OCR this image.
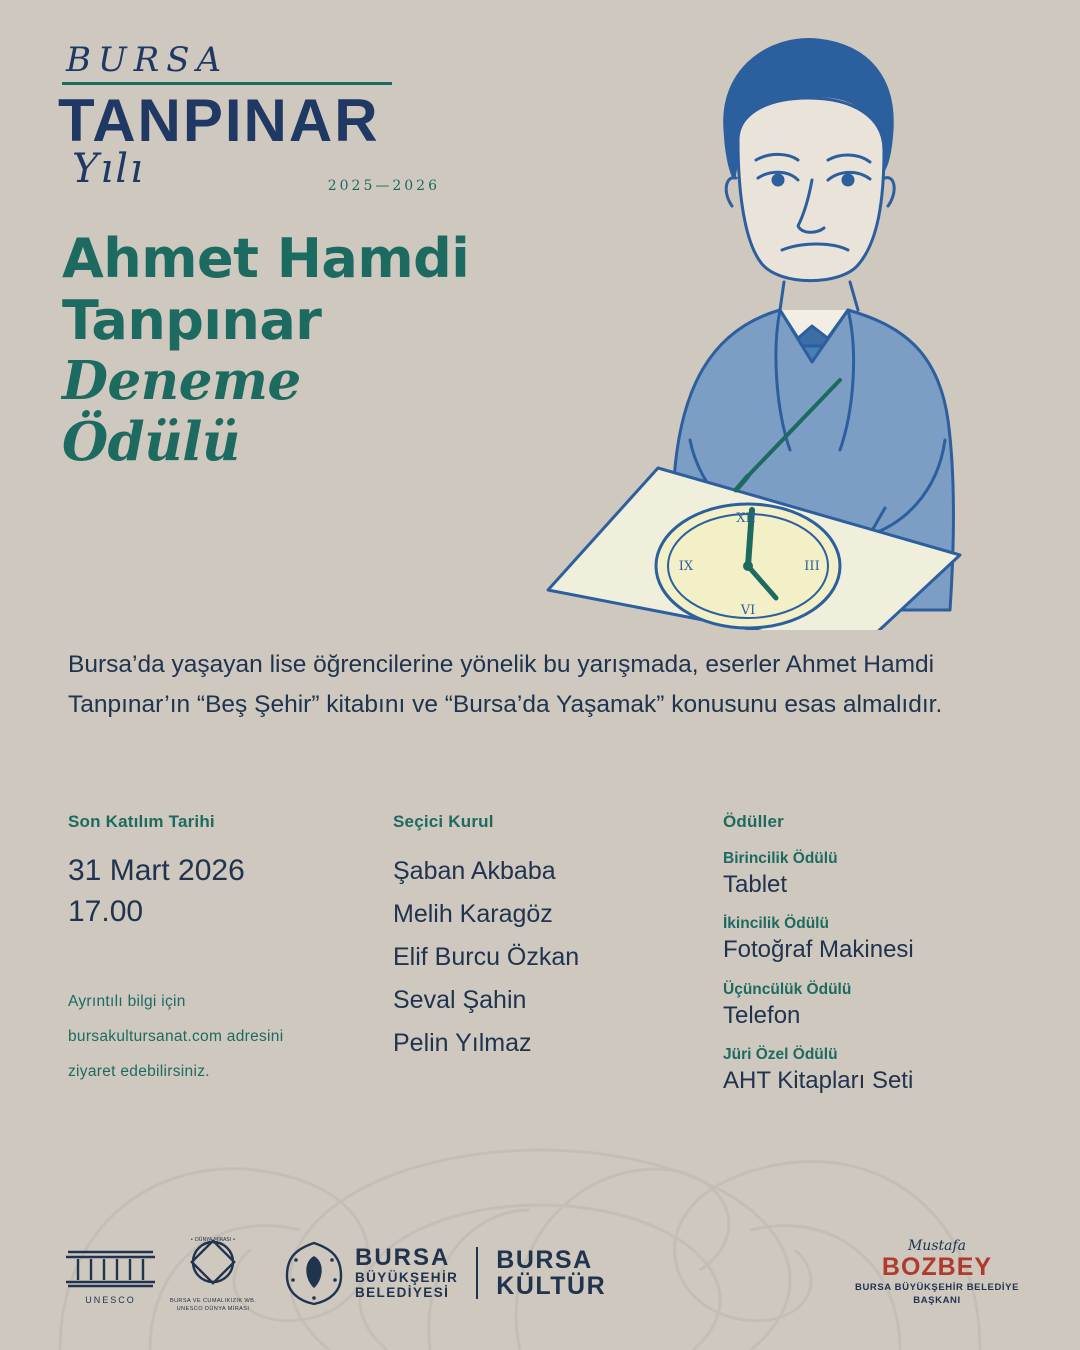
BURSA
TANPINAR
Yılı	2025—2026
XII
III
VI
IX
Ahmet Hamdi
Tanpınar
Deneme
Ödülü
Bursa’da yaşayan lise öğrencilerine yönelik bu yarışmada, eserler Ahmet Hamdi Tanpınar’ın “Beş Şehir” kitabını ve “Bursa’da Yaşamak” konusunu esas almalıdır.
Son Katılım Tarihi
31 Mart 2026
17.00
Seçici Kurul
Şaban Akbaba
Melih Karagöz
Elif Burcu Özkan
Seval Şahin
Pelin Yılmaz
Ödüller
Birincilik Ödülü
Tablet
İkincilik Ödülü
Fotoğraf Makinesi
Üçüncülük Ödülü
Telefon
Jüri Özel Ödülü
AHT Kitapları Seti
Ayrıntılı bilgi için bursakultursanat.com adresini ziyaret edebilirsiniz.
UNESCO
• DÜNYA MİRASI •
BURSA VE CUMALIKIZIK WB. UNESCO DÜNYA MİRASI
BURSA
BÜYÜKŞEHİR
BELEDİYESİ
BURSA
KÜLTÜR
Mustafa
BOZBEY
BURSA BÜYÜKŞEHİR BELEDİYE BAŞKANI
